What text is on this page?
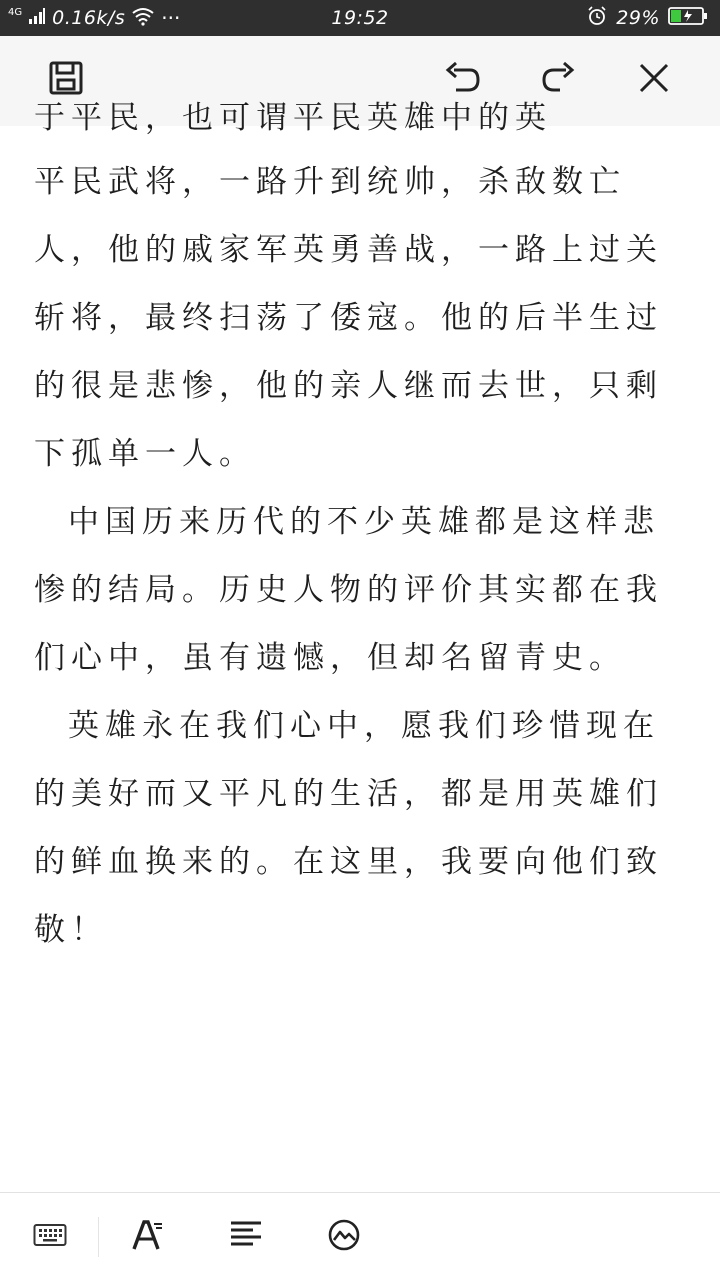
4G 0.16k/s ···	19:52	29%
于平民，也可谓平民英雄中的英

平民武将，一路升到统帅，杀敌数亡人，他的戚家军英勇善战，一路上过关斩将，最终扫荡了倭寇。他的后半生过的很是悲惨，他的亲人继而去世，只剩下孤单一人。

中国历来历代的不少英雄都是这样悲惨的结局。历史人物的评价其实都在我们心中，虽有遗憾，但却名留青史。

英雄永在我们心中，愿我们珍惜现在的美好而又平凡的生活，都是用英雄们的鲜血换来的。在这里，我要向他们致敬！
